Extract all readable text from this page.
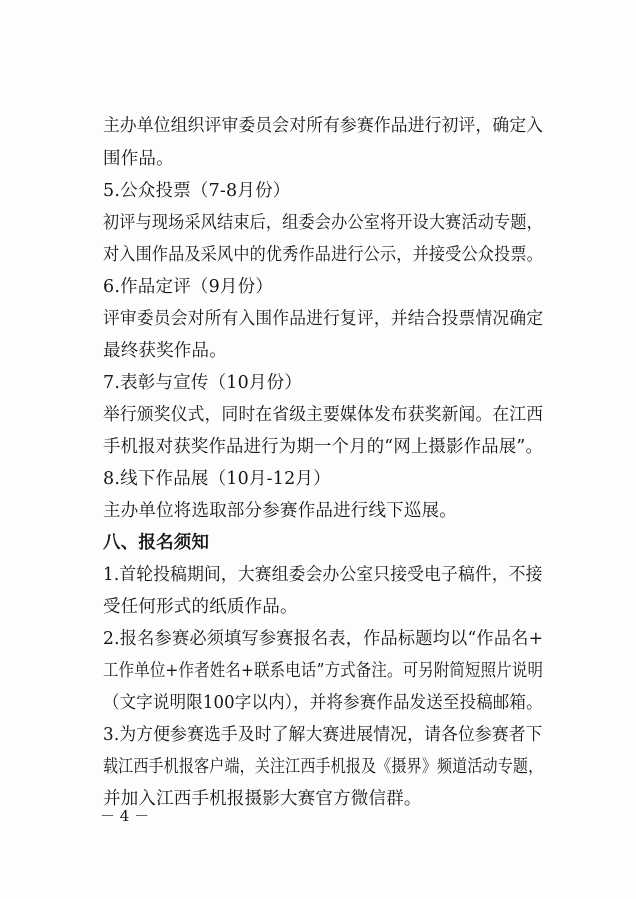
主办单位组织评审委员会对所有参赛作品进行初评，确定入
围作品。
5.公众投票（7-8月份）
初评与现场采风结束后，组委会办公室将开设大赛活动专题，
对入围作品及采风中的优秀作品进行公示，并接受公众投票。
6.作品定评（9月份）
评审委员会对所有入围作品进行复评，并结合投票情况确定
最终获奖作品。
7.表彰与宣传（10月份）
举行颁奖仪式，同时在省级主要媒体发布获奖新闻。在江西
手机报对获奖作品进行为期一个月的“网上摄影作品展”。
8.线下作品展（10月-12月）
主办单位将选取部分参赛作品进行线下巡展。
八、报名须知
1.首轮投稿期间，大赛组委会办公室只接受电子稿件，不接
受任何形式的纸质作品。
2.报名参赛必须填写参赛报名表，作品标题均以“作品名+
工作单位+作者姓名+联系电话”方式备注。可另附简短照片说明
（文字说明限100字以内），并将参赛作品发送至投稿邮箱。
3.为方便参赛选手及时了解大赛进展情况，请各位参赛者下
载江西手机报客户端，关注江西手机报及《摄界》频道活动专题，
并加入江西手机报摄影大赛官方微信群。
－ 4 －
